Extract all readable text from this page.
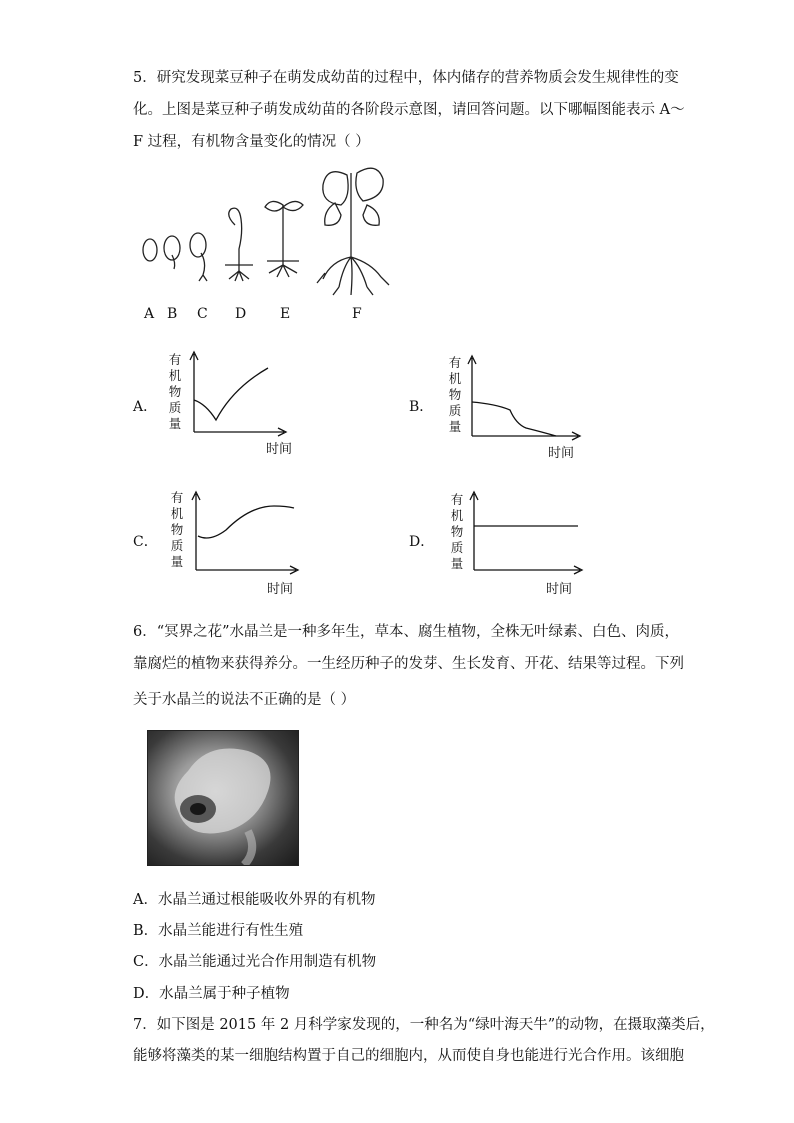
5．研究发现菜豆种子在萌发成幼苗的过程中，体内储存的营养物质会发生规律性的变
化。上图是菜豆种子萌发成幼苗的各阶段示意图，请回答问题。以下哪幅图能表示 A～
F 过程，有机物含量变化的情况（ ）
A B C D E	F
A．
有
机
物
质
量
时间
B．
有
机
物
质
量
时间
C．
有
机
物
质
量
时间
D．
有
机
物
质
量
时间
6．“冥界之花”水晶兰是一种多年生，草本、腐生植物，全株无叶绿素、白色、肉质，
靠腐烂的植物来获得养分。一生经历种子的发芽、生长发育、开花、结果等过程。下列
关于水晶兰的说法不正确的是（ ）
A．水晶兰通过根能吸收外界的有机物
B．水晶兰能进行有性生殖
C．水晶兰能通过光合作用制造有机物
D．水晶兰属于种子植物
7．如下图是 2015 年 2 月科学家发现的，一种名为“绿叶海天牛”的动物，在摄取藻类后，
能够将藻类的某一细胞结构置于自己的细胞内，从而使自身也能进行光合作用。该细胞
